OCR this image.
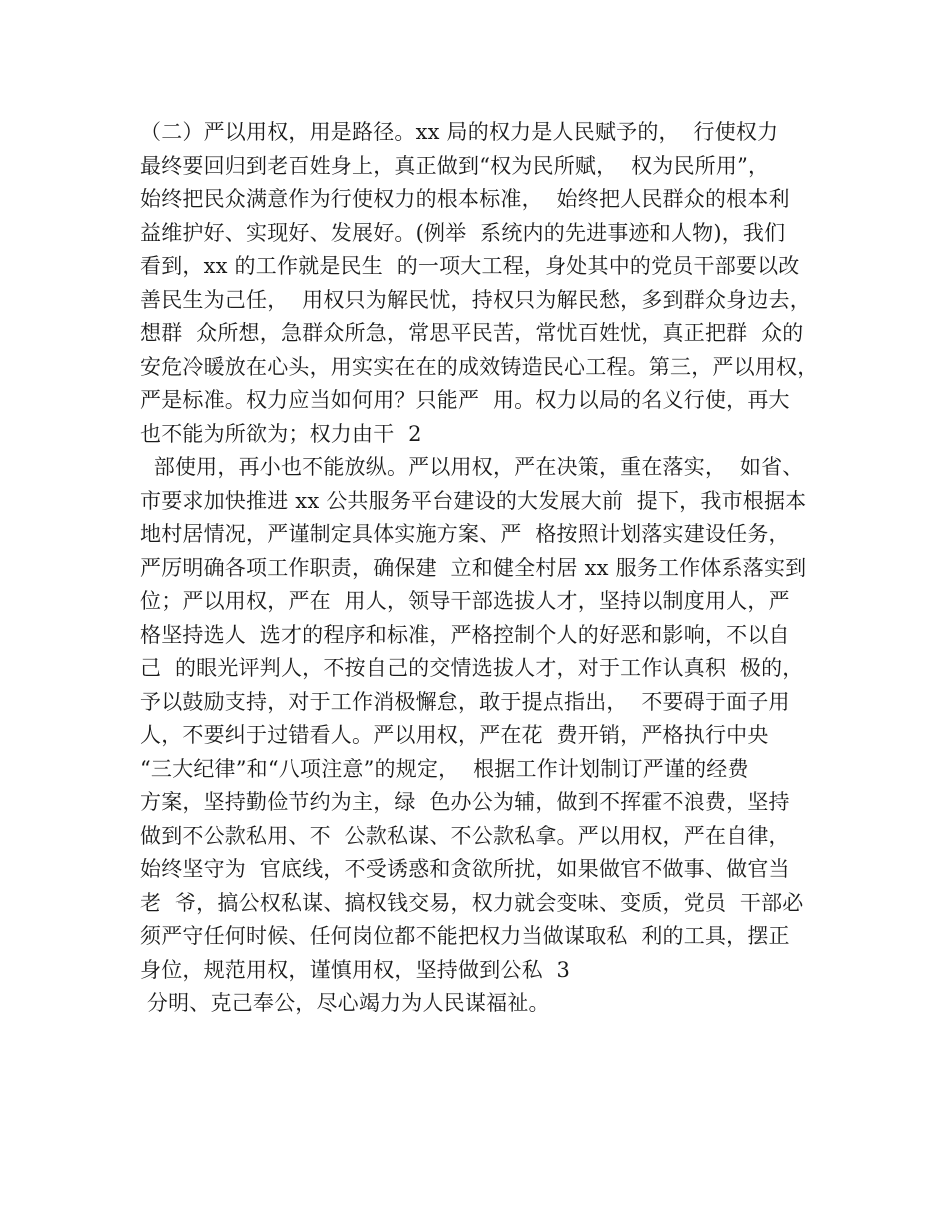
（二）严以用权，用是路径。xx 局的权力是人民赋予的，  行使权力
最终要回归到老百姓身上，真正做到“权为民所赋，  权为民所用”，
始终把民众满意作为行使权力的根本标准，  始终把人民群众的根本利
益维护好、实现好、发展好。(例举  系统内的先进事迹和人物)，我们
看到，xx 的工作就是民生  的一项大工程，身处其中的党员干部要以改
善民生为己任，  用权只为解民忧，持权只为解民愁，多到群众身边去，
想群  众所想，急群众所急，常思平民苦，常忧百姓忧，真正把群  众的
安危冷暖放在心头，用实实在在的成效铸造民心工程。第三，严以用权，
严是标准。权力应当如何用？只能严  用。权力以局的名义行使，再大
也不能为所欲为；权力由干  2
部使用，再小也不能放纵。严以用权，严在决策，重在落实，  如省、
市要求加快推进 xx 公共服务平台建设的大发展大前  提下，我市根据本
地村居情况，严谨制定具体实施方案、严  格按照计划落实建设任务，
严厉明确各项工作职责，确保建  立和健全村居 xx 服务工作体系落实到
位；严以用权，严在  用人，领导干部选拔人才，坚持以制度用人，严
格坚持选人  选才的程序和标准，严格控制个人的好恶和影响，不以自
己  的眼光评判人，不按自己的交情选拔人才，对于工作认真积  极的，
予以鼓励支持，对于工作消极懈怠，敢于提点指出，  不要碍于面子用
人，不要纠于过错看人。严以用权，严在花  费开销，严格执行中央
“三大纪律”和“八项注意”的规定，  根据工作计划制订严谨的经费
方案，坚持勤俭节约为主，绿  色办公为辅，做到不挥霍不浪费，坚持
做到不公款私用、不  公款私谋、不公款私拿。严以用权，严在自律，
始终坚守为  官底线，不受诱惑和贪欲所扰，如果做官不做事、做官当
老  爷，搞公权私谋、搞权钱交易，权力就会变味、变质，党员  干部必
须严守任何时候、任何岗位都不能把权力当做谋取私  利的工具，摆正
身位，规范用权，谨慎用权，坚持做到公私  3
分明、克己奉公，尽心竭力为人民谋福祉。
